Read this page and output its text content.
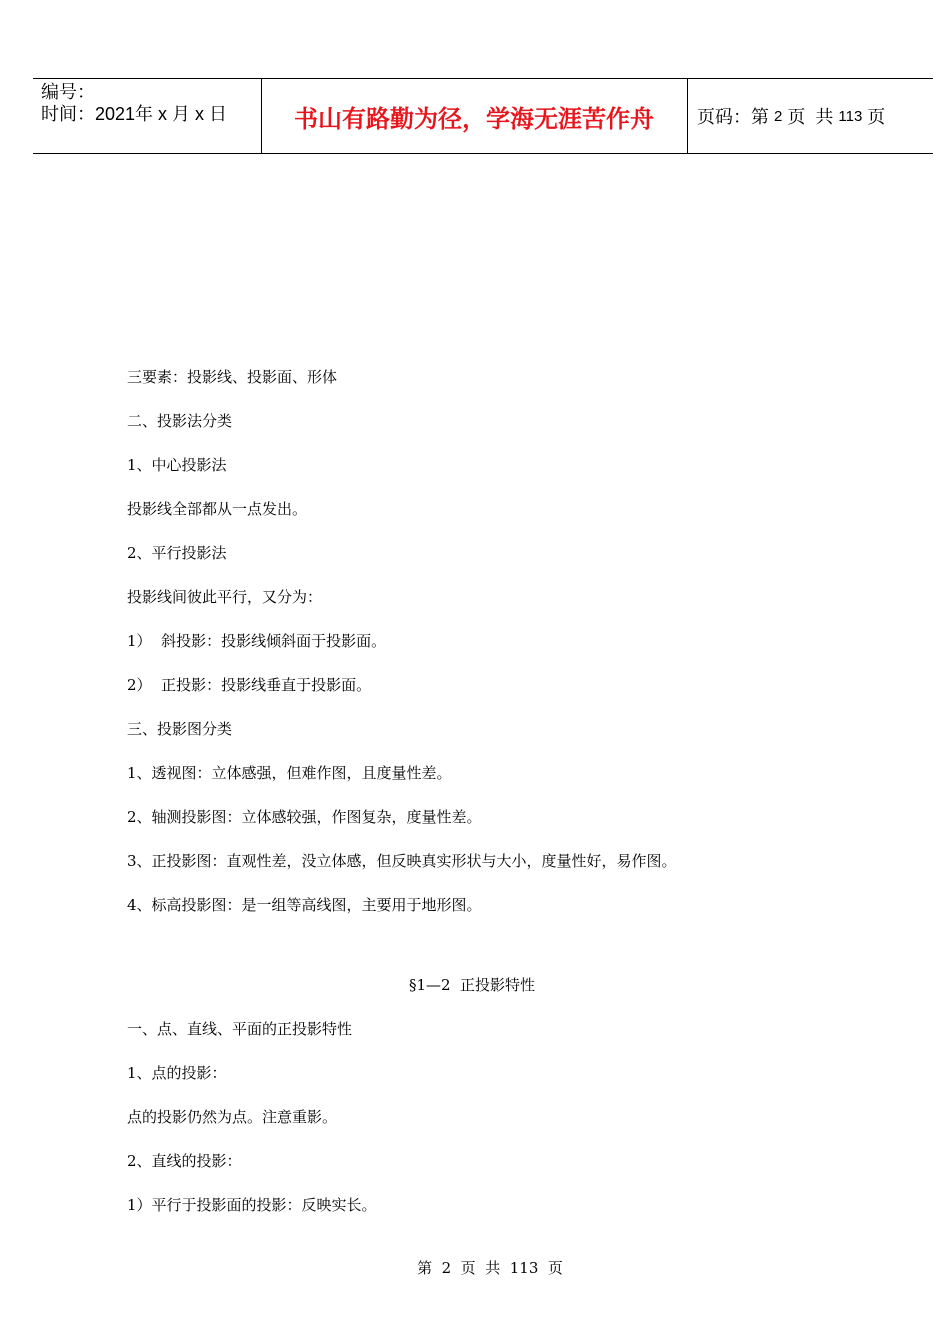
编号：
时间：2021年 x 月 x 日	书山有路勤为径，学海无涯苦作舟	页码：第 2 页  共 113 页

三要素：投影线、投影面、形体

二、投影法分类

1、中心投影法

投影线全部都从一点发出。

2、平行投影法

投影线间彼此平行，又分为：

1）  斜投影：投影线倾斜面于投影面。

2）  正投影：投影线垂直于投影面。

三、投影图分类

1、透视图：立体感强，但难作图，且度量性差。

2、轴测投影图：立体感较强，作图复杂，度量性差。

3、正投影图：直观性差，没立体感，但反映真实形状与大小，度量性好，易作图。

4、标高投影图：是一组等高线图，主要用于地形图。

§1—2  正投影特性

一、点、直线、平面的正投影特性

1、点的投影：

点的投影仍然为点。注意重影。

2、直线的投影：

1）平行于投影面的投影：反映实长。

第  2  页  共  113  页
